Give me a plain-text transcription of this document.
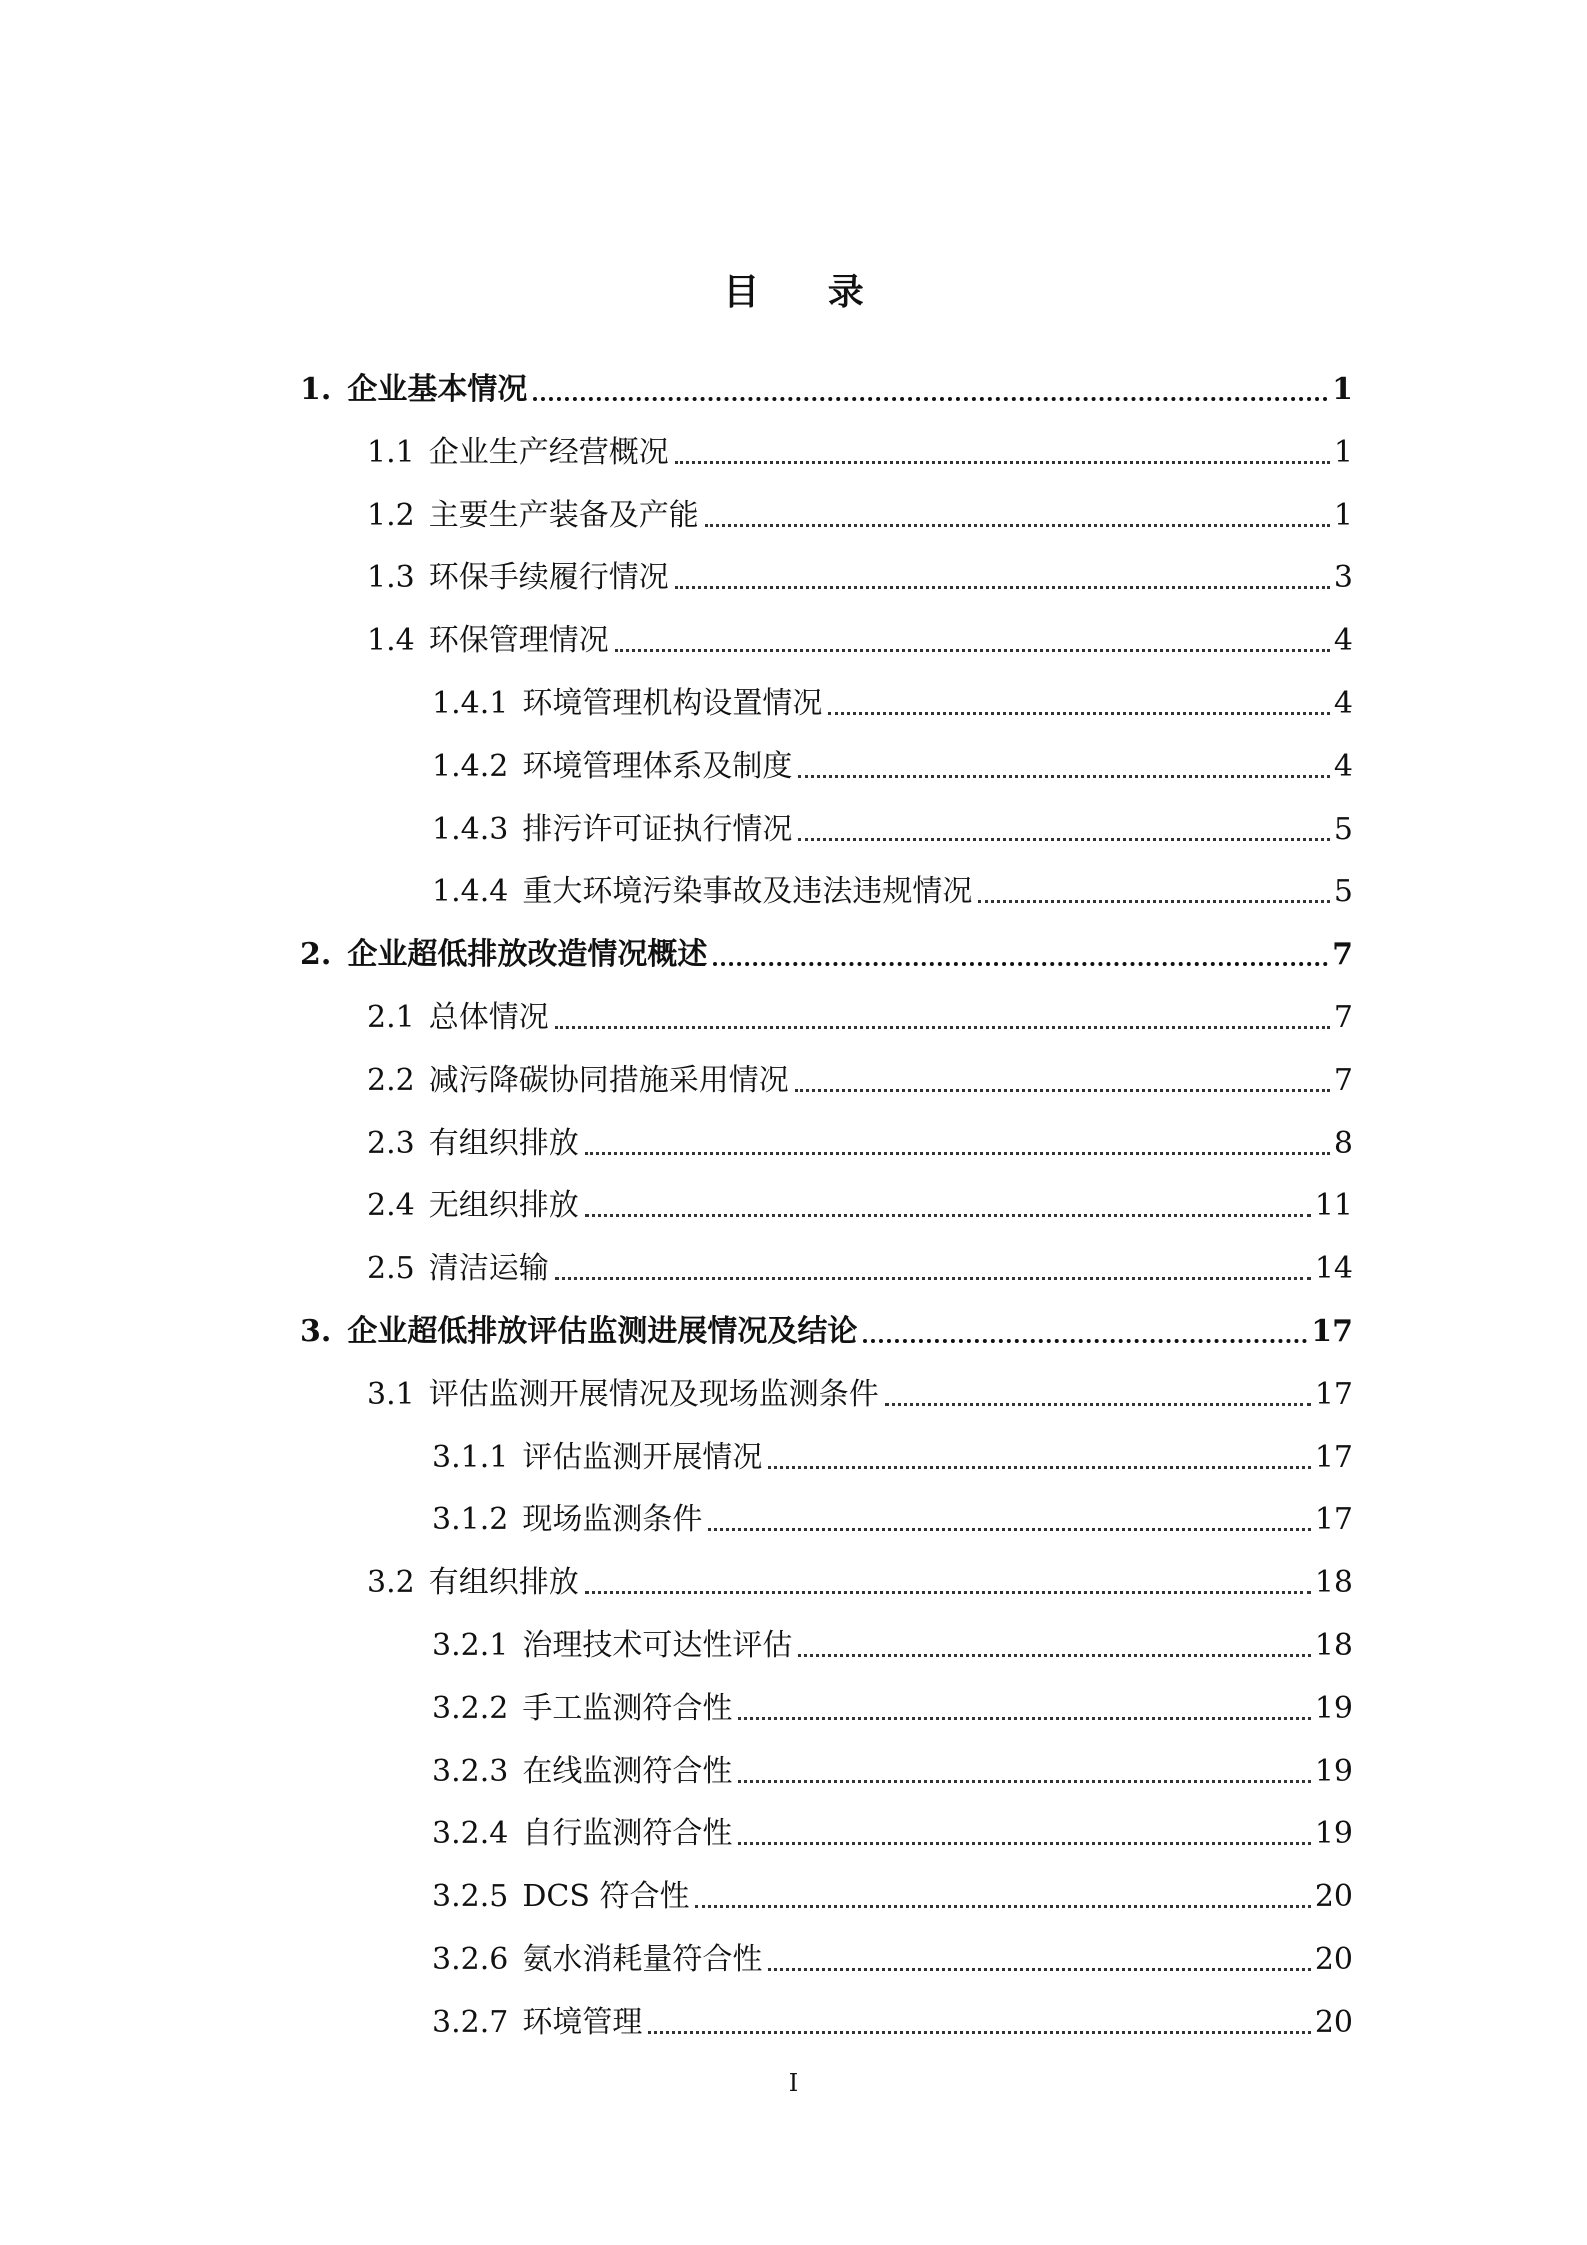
目 录
1. 企业基本情况	1
1.1 企业生产经营概况	1
1.2 主要生产装备及产能	1
1.3 环保手续履行情况	3
1.4 环保管理情况	4
1.4.1 环境管理机构设置情况	4
1.4.2 环境管理体系及制度	4
1.4.3 排污许可证执行情况	5
1.4.4 重大环境污染事故及违法违规情况	5
2. 企业超低排放改造情况概述	7
2.1 总体情况	7
2.2 减污降碳协同措施采用情况	7
2.3 有组织排放	8
2.4 无组织排放	11
2.5 清洁运输	14
3. 企业超低排放评估监测进展情况及结论	17
3.1 评估监测开展情况及现场监测条件	17
3.1.1 评估监测开展情况	17
3.1.2 现场监测条件	17
3.2 有组织排放	18
3.2.1 治理技术可达性评估	18
3.2.2 手工监测符合性	19
3.2.3 在线监测符合性	19
3.2.4 自行监测符合性	19
3.2.5 DCS 符合性	20
3.2.6 氨水消耗量符合性	20
3.2.7 环境管理	20
I
